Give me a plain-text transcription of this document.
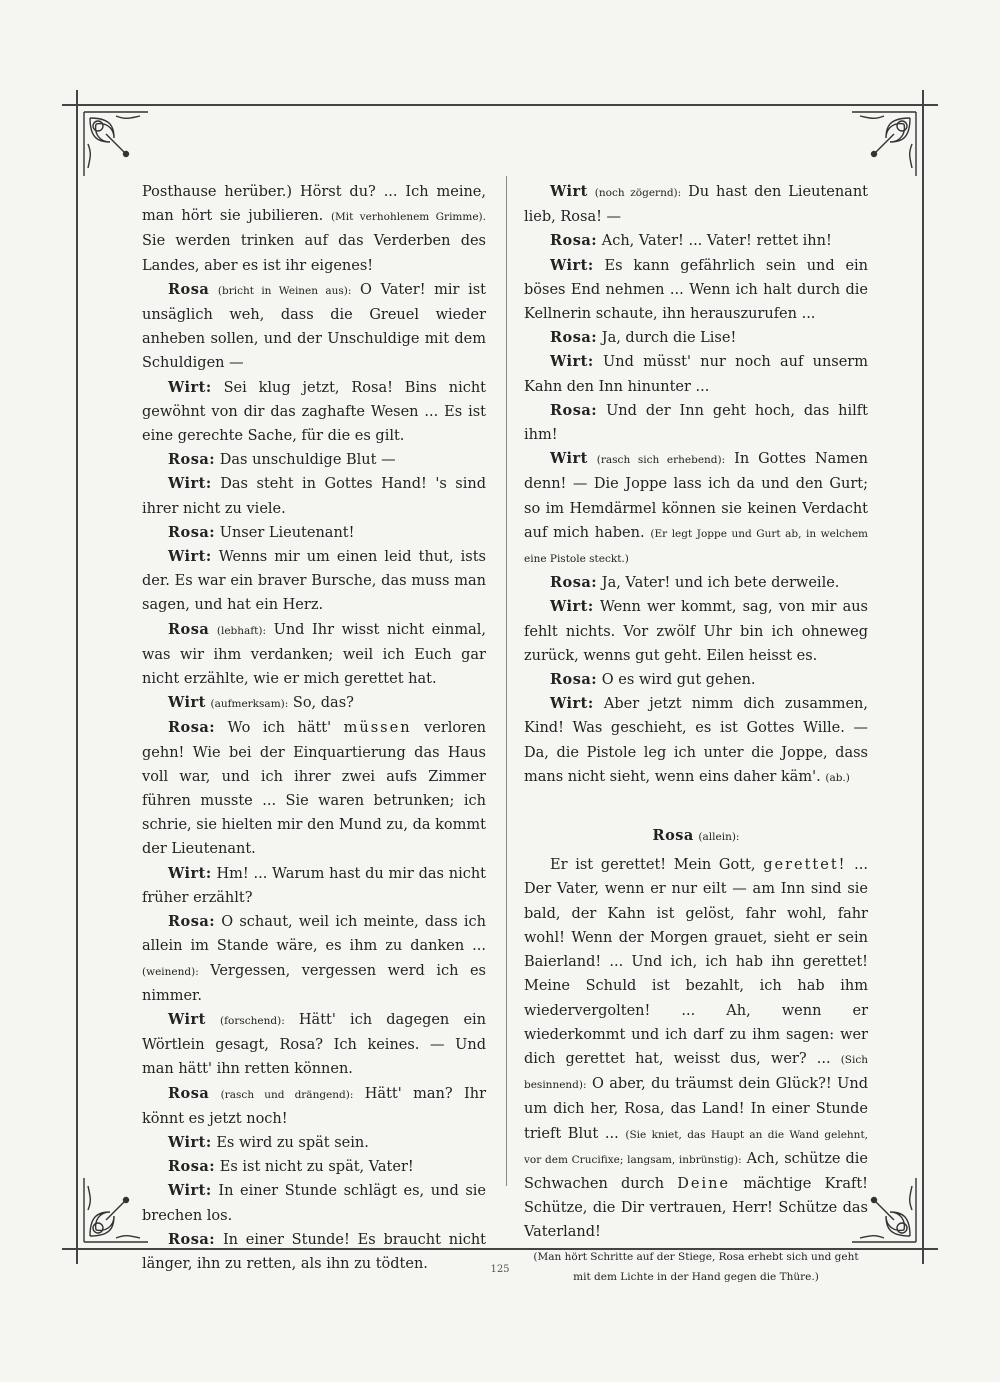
Posthause herüber.) Hörst du? ... Ich meine, man hört sie jubilieren. (Mit verhohlenem Grimme). Sie werden trinken auf das Verderben des Landes, aber es ist ihr eigenes!

Rosa (bricht in Weinen aus): O Vater! mir ist unsäglich weh, dass die Greuel wieder anheben sollen, und der Unschuldige mit dem Schuldigen —

Wirt: Sei klug jetzt, Rosa! Bins nicht gewöhnt von dir das zaghafte Wesen ... Es ist eine gerechte Sache, für die es gilt.

Rosa: Das unschuldige Blut —

Wirt: Das steht in Gottes Hand! 's sind ihrer nicht zu viele.

Rosa: Unser Lieutenant!

Wirt: Wenns mir um einen leid thut, ists der. Es war ein braver Bursche, das muss man sagen, und hat ein Herz.

Rosa (lebhaft): Und Ihr wisst nicht einmal, was wir ihm verdanken; weil ich Euch gar nicht erzählte, wie er mich gerettet hat.

Wirt (aufmerksam): So, das?

Rosa: Wo ich hätt' müssen verloren gehn! Wie bei der Einquartierung das Haus voll war, und ich ihrer zwei aufs Zimmer führen musste ... Sie waren betrunken; ich schrie, sie hielten mir den Mund zu, da kommt der Lieutenant.

Wirt: Hm! ... Warum hast du mir das nicht früher erzählt?

Rosa: O schaut, weil ich meinte, dass ich allein im Stande wäre, es ihm zu danken ... (weinend): Vergessen, vergessen werd ich es nimmer.

Wirt (forschend): Hätt' ich dagegen ein Wörtlein gesagt, Rosa? Ich keines. — Und man hätt' ihn retten können.

Rosa (rasch und drängend): Hätt' man? Ihr könnt es jetzt noch!

Wirt: Es wird zu spät sein.

Rosa: Es ist nicht zu spät, Vater!

Wirt: In einer Stunde schlägt es, und sie brechen los.

Rosa: In einer Stunde! Es braucht nicht länger, ihn zu retten, als ihn zu tödten.

Wirt (noch zögernd): Du hast den Lieutenant lieb, Rosa! —

Rosa: Ach, Vater! ... Vater! rettet ihn!

Wirt: Es kann gefährlich sein und ein böses End nehmen ... Wenn ich halt durch die Kellnerin schaute, ihn herauszurufen ...

Rosa: Ja, durch die Lise!

Wirt: Und müsst' nur noch auf unserm Kahn den Inn hinunter ...

Rosa: Und der Inn geht hoch, das hilft ihm!

Wirt (rasch sich erhebend): In Gottes Namen denn! — Die Joppe lass ich da und den Gurt; so im Hemdärmel können sie keinen Verdacht auf mich haben. (Er legt Joppe und Gurt ab, in welchem eine Pistole steckt.)

Rosa: Ja, Vater! und ich bete derweile.

Wirt: Wenn wer kommt, sag, von mir aus fehlt nichts. Vor zwölf Uhr bin ich ohneweg zurück, wenns gut geht. Eilen heisst es.

Rosa: O es wird gut gehen.

Wirt: Aber jetzt nimm dich zusammen, Kind! Was geschieht, es ist Gottes Wille. — Da, die Pistole leg ich unter die Joppe, dass mans nicht sieht, wenn eins daher käm'. (ab.)

Rosa (allein):

Er ist gerettet! Mein Gott, gerettet! ... Der Vater, wenn er nur eilt — am Inn sind sie bald, der Kahn ist gelöst, fahr wohl, fahr wohl! Wenn der Morgen grauet, sieht er sein Baierland! ... Und ich, ich hab ihn gerettet! Meine Schuld ist bezahlt, ich hab ihm wiedervergolten! ... Ah, wenn er wiederkommt und ich darf zu ihm sagen: wer dich gerettet hat, weisst dus, wer? ... (Sich besinnend): O aber, du träumst dein Glück?! Und um dich her, Rosa, das Land! In einer Stunde trieft Blut ... (Sie kniet, das Haupt an die Wand gelehnt, vor dem Crucifixe; langsam, inbrünstig): Ach, schütze die Schwachen durch Deine mächtige Kraft! Schütze, die Dir vertrauen, Herr! Schütze das Vaterland!

(Man hört Schritte auf der Stiege, Rosa erhebt sich und geht mit dem Lichte in der Hand gegen die Thüre.)

125
